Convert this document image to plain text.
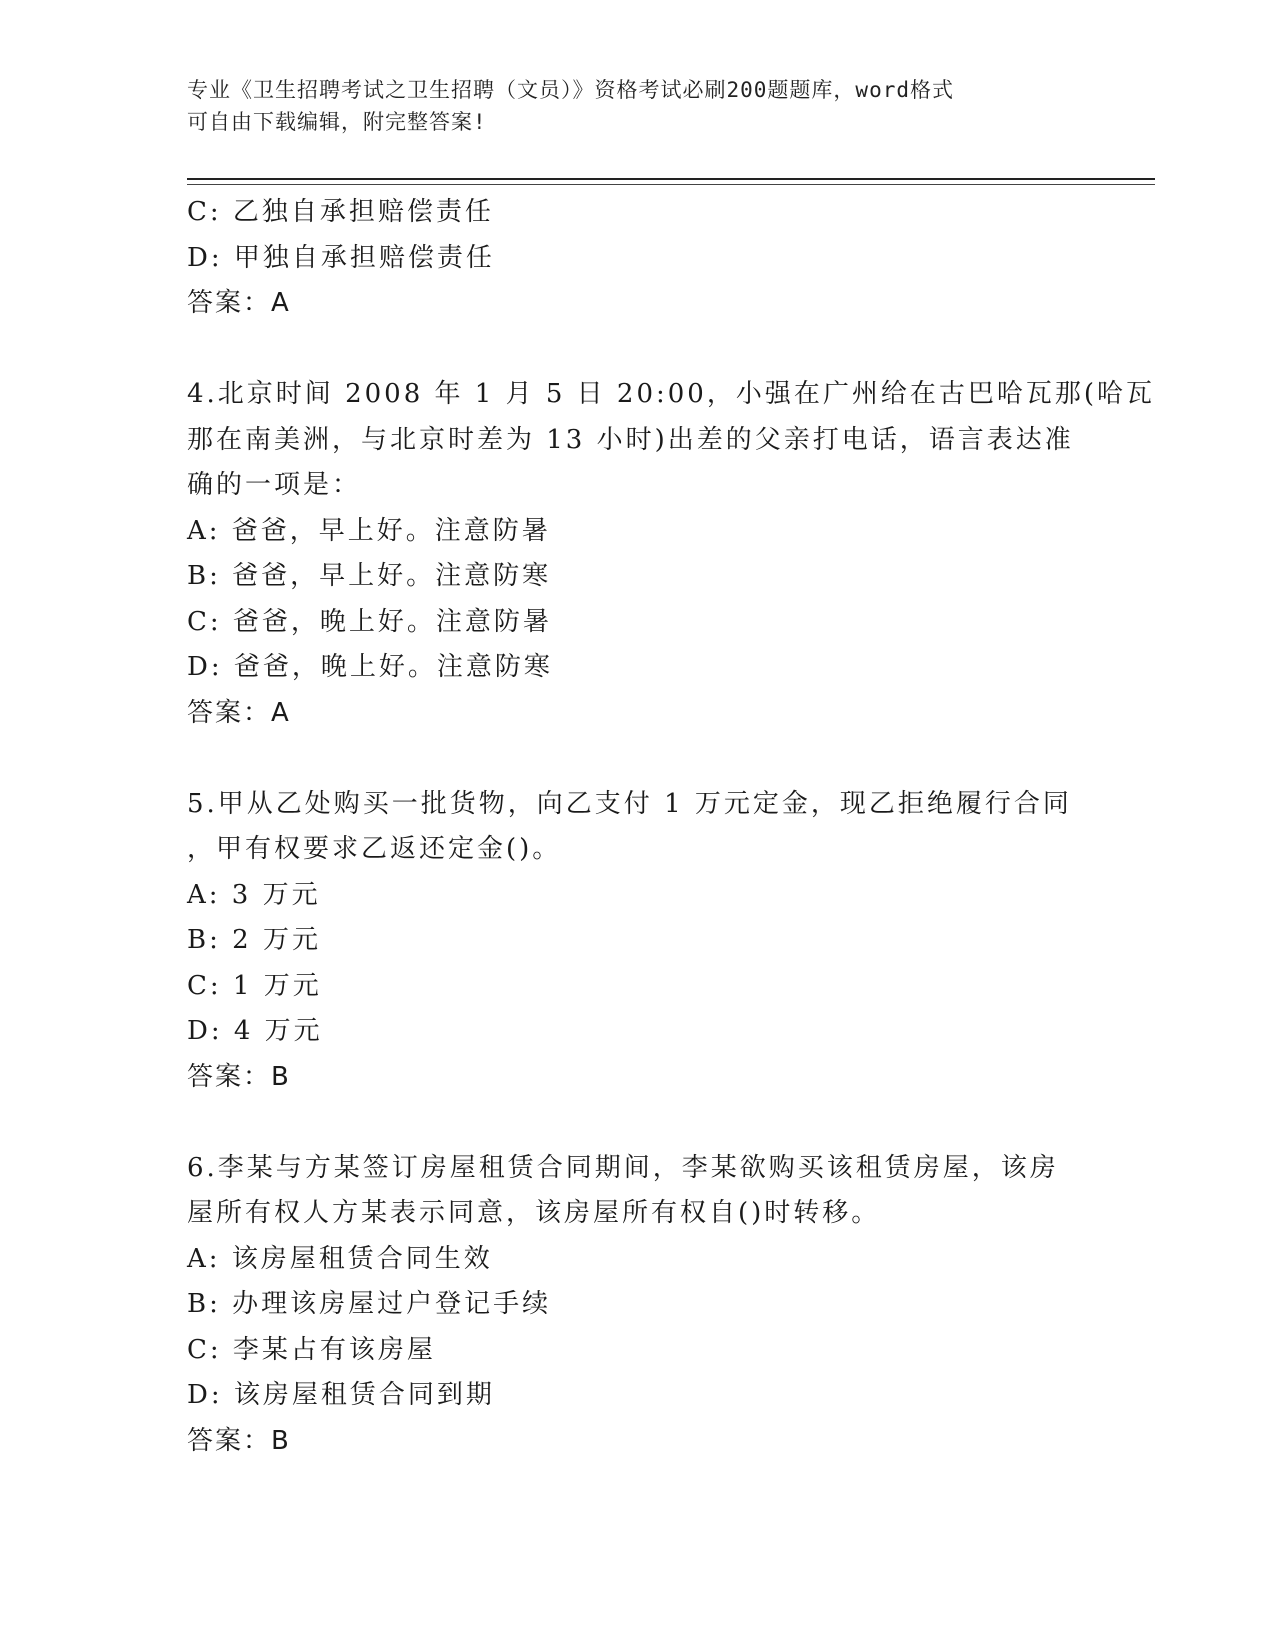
专业《卫生招聘考试之卫生招聘（文员）》资格考试必刷200题题库，word格式
可自由下载编辑，附完整答案!
C: 乙独自承担赔偿责任
D: 甲独自承担赔偿责任
答案：A
4.北京时间 2008 年 1 月 5 日 20:00，小强在广州给在古巴哈瓦那(哈瓦
那在南美洲，与北京时差为 13 小时)出差的父亲打电话，语言表达准
确的一项是：
A: 爸爸，早上好。注意防暑
B: 爸爸，早上好。注意防寒
C: 爸爸，晚上好。注意防暑
D: 爸爸，晚上好。注意防寒
答案：A
5.甲从乙处购买一批货物，向乙支付 1 万元定金，现乙拒绝履行合同
，甲有权要求乙返还定金()。
A: 3 万元
B: 2 万元
C: 1 万元
D: 4 万元
答案：B
6.李某与方某签订房屋租赁合同期间，李某欲购买该租赁房屋，该房
屋所有权人方某表示同意，该房屋所有权自()时转移。
A: 该房屋租赁合同生效
B: 办理该房屋过户登记手续
C: 李某占有该房屋
D: 该房屋租赁合同到期
答案：B
